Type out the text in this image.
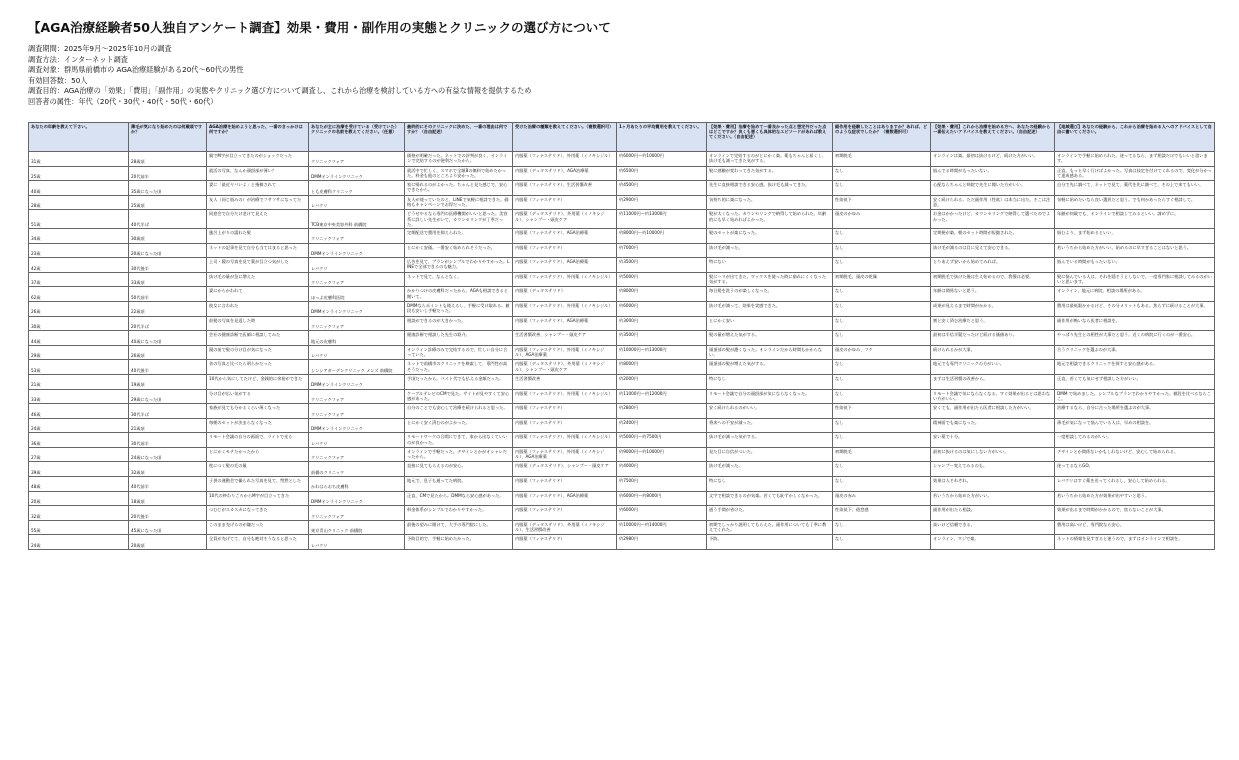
【AGA治療経験者50人独自アンケート調査】効果・費用・副作用の実態とクリニックの選び方について
調査期間：2025年9月～2025年10月の調査
調査方法：インターネット調査
調査対象：群馬県前橋市の AGA治療経験がある20代〜60代の男性
有効回答数：50人
調査目的：AGA治療の「効果」「費用」「副作用」の実態やクリニック選び方について調査し、これから治療を検討している方への有益な情報を提供するため
回答者の属性：年代（20代・30代・40代・50代・60代）
あなたの年齢を教えて下さい。	薄毛が気になり始めたのは何歳頃ですか？	AGA治療を始めようと思った、一番のきっかけは何ですか？	あなたが主に治療を受けている（受けていた）クリニックの名前を教えてください。（任意）	最終的にそのクリニックに決めた、一番の理由は何ですか？（自由記述）	受けた治療の種類を教えてください。（複数選択可）	1ヶ月あたりの平均費用を教えてください。	【効果・費用】治療を始めて一番良かった点と想定外だった点はどこですか？良くも悪くも具体的なエピソードがあれば教えてください。（自由記述）	副作用を経験したことはありますか？あれば、どのような症状でしたか？（複数選択可）	【効果・費用】これから治療を始める方へ、あなたの経験から一番伝えたいアドバイスを教えてください。（自由記述）	【地域選び】あなたの経験から、これから治療を始める人へのアドバイスとして自由に書いてください。
31歳	28歳頃	親でM字が目立ってきたのがショックだった	クリニックフォア	価格が明確だった。ネットでの評判が良く、オンラインで完結するのが便利だったから。	内服薬（フィナステリド）、外用薬（ミノキシジル）	約6000円〜約10000円	オンラインで完結するのがとにかく楽。薬もちゃんと届くし、抜け毛も減ってきた気がする。	初期脱毛	オンラインは楽。最初は抜けるけど、続けた方がいい。	オンラインで手軽に始められた。迷ってるなら、まず相談だけでもいいと思います。
25歳	20代前半	就活の写真、なんか頭頂部が薄い？	DMMオンラインクリニック	就活中で忙しく、スマホで全額Bの無料で始めたかった。料金も他のところより安かった。	内服薬（デュタステリド）、AGA治療薬	約6500円	髪に感触が変わってきた気がする。	なし	悩んでる時間がもったいない。	正直、もっと早く行けばよかった。写真は技定を付けてくれるので、変化が分かって達成感ある。
40歳	35歳になった頃	妻に「最近ヤバいよ」と指摘されて	とも皮膚科クリニック	家に帰れるのがよかった。ちゃんと見た感じで、安心できたから。	内服薬（フィナステリド）、生活習慣改善	約4500円	先生に直接相談できる安心感。抜け毛も減ってきた。	なし	心配ならちゃんと病院で先生に聞いた方がいい。	自分で先に調べて、ネットで見て、薬代を先に調べて、その上で来てもいい。
28歳	25歳頃	友人（同じ悩みの）が治療でフサフサになってた	レバクリ	友人が使っていたのと、LINEで気軽に相談できた。価格もキャンペーンでお得だった。	内服薬（フィナステリド）	約2900円	気持ち的に楽になった。	性欲低下	安く続けられる。ただ副作用（性欲）は本当に出た。そこは注意。	気軽に始めたいなら良い選択だと思う。でも何かあったらすぐ相談して。
51歳	40代半ば	同窓会で自分だけ老けて見えた	TCB東京中央美容外科 前橋院	どうせやるなら専門の医療機関がいいと思った。美容系に詳しい先生がいて、カウンセリングが丁寧だった。	内服薬（デュタステリド）、外用薬（ミノキシジル）、シャンプー・頭皮ケア	約11000円〜約13000円	髪が太くなった。カウンセリングで納得して始められた。年齢的にも早く始めればよかった。	頭皮のかゆみ	お金はかかったけど、カウンセリングで納得して選べたのでよかった。	年齢が何歳でも、オンラインで相談してみるといい。諦めずに。
34歳	30歳頃	風呂上がりの濡れた髪	クリニックフォア	定期配送で費用を抑えられた。	内服薬（フィナステリド）、AGA治療薬	約8000円〜約10000円	髪のセットが楽になった。	なし	定期便が楽。朝のセット時間が短縮された。	悩むより、まず始めるといい。
23歳	20歳になった頃	ネットの記事を見て自分も当てはまると思った	DMMオンラインクリニック	とにかく安価。一番安く始められそうだった。	内服薬（フィナステリド）	約7000円	抜け毛が減った。	なし	抜け毛が減るのは目に見えて安心できる。	若いうちから始めた方がいい。始めるのに早すぎることはないと思う。
42歳	30代後半	上司・鏡の写真を見て薬が目立つ気がした	レバクリ	広告を見て、プランがシンプルでわかりやすかった。LINEで全部できるのも魅力。	内服薬（フィナステリド）、AGA治療薬	約3500円	特にない	なし	とりあえず安いから始めてみれば。	悩んでいる時間がもったいない。
37歳	33歳頃	抜け毛の量が急に増えた	クリニックフォア	ネットで見て、なんとなく。	内服薬（フィナステリド）、外用薬（ミノキシジル）	約5000円	髪にハリが出てきた。ワックスを使った時に崩れにくくなった気がする。	初期脱毛、頭皮の乾燥	初期脱毛で抜けた後は生え始めるので、我慢は必要。	髪に悩んでいる人は、それを隠そうとしないで、一度専門家に相談してみるのがいいと思います。
62歳	50代前半	妻にからかわれて	ほっぷ皮膚科医院	かかりつけの皮膚科だったから。AGAも相談できると聞いて。	内服薬（デュタステリド）	約8000円	毎日髪を洗うのが楽しくなった。	なし	年齢は関係ないと思う。	オンライン、地元に病院、相談の場所がある。
26歳	22歳頃	彼女に言われた	DMMオンラインクリニック	DMMならポイントも使えるし、手軽に受け取れる。値段も安いし手軽だった。	内服薬（フィナステリド）、外用薬（ミノキシジル）	約6000円	抜け毛が減って、効果を実感できた。	なし	成果が見えるまで時間がかかる。	費用は最低限かかるけど、その分メリットもある。焦らずに続けることが大事。
30歳	20代半ば	前髪の写真を見返した時	クリニックフォア	相談ができるのが大きかった。	内服薬（フィナステリド）、AGA治療薬	約3000円	とにかく安い	なし	割と安く済む治療だと思う。	副作用が怖いなら医者に相談を。
44歳	40歳になった頃	会社の健康診断で医師に相談してみた	地元の皮膚科	健康診断で相談した先生の紹介。	生活習慣改善、シャンプー・頭皮ケア	約3500円	髪の量が増えた気がする。	なし	最初は半信半疑だったけど続ける価値あり。	やっぱり先生との相性が大事だと思う。近くの病院に行くのが一番安心。
29歳	26歳頃	鏡の前で髪の分け目が気になった	レバクリ	オンライン診療のみで完結するので、忙しい自分に合っていた。	内服薬（フィナステリド）、外用薬（ミノキシジル）、AGA治療薬	約10000円〜約13000円	頭頂部の髪が濃くなった。オンラインだから時間もかからない。	頭皮のかゆみ、フケ	続けられるかが大事。	合うクリニックを選ぶのが大事。
53歳	40代後半	昔の写真と比べたら明らかだった	シンシアガーデンクリニック メンズ 前橋院	ネットで前橋市のクリニックを検索して、専門性が高そうだった。	内服薬（デュタステリド）、外用薬（ミノキシジル）、シャンプー・頭皮ケア	約8000円	頭頂部の髪が増えた気がする。	なし	地元でも専門クリニックの方がいい。	地元で相談できるクリニックを探すと安心感がある。
21歳	19歳頃	10代から気にしてたけど、金銭的に余裕ができた	DMMオンラインクリニック	手頃だったから。バイト代でも払える金額だった。	生活習慣改善	約2000円	特になし	なし	まずは生活習慣の改善から。	正直、若くても気にせず相談した方がいい。
33歳	29歳になった頃	分け目が広い気がする	クリニックフォア	ケーブルテレビのCMで見た。サイトが見やすくて安心感があった。	内服薬（フィナステリド）、外用薬（ミノキシジル）	約11000円〜約12000円	リモート会議で自分の頭頂部が気にならなくなった。	なし	リモート会議で気にならなくなる。すぐ効果が出るとは思わない方がいい。	DMM で始めました。シンプルなプランでわかりやすかった。値段を比べるならここ。
46歳	30代半ば	家族が見ても分かるくらい薄くなった	クリニックフォア	自分のことでも安心して治療を続けられると思った。	内服薬（フィナステリド）	約2800円	安く続けられるのがいい。	性欲低下	安くても、副作用が出たら医者に相談した方がいい。	治療するなら、自分に合った場所を選ぶのが大事。
24歳	21歳頃	毎朝のセットが決まらなくなった	DMMオンラインクリニック	とにかく安く済むのがよかった。	内服薬（フィナステリド）	約2400円	将来への不安が減った。	なし	精神面でも楽になった。	薄毛が気になって悩んでいる人は、早めの相談を。
36歳	30代前半	リモート会議の自分の画面で、ライトで光る	レバクリ	リモートワークの合間にできて、家から出なくていいのが良かった。	内服薬（フィナステリド）、外用薬（ミノキシジル）	約5000円〜約7500円	抜け毛が減った気がする。	なし	安い薬で十分。	一度相談してみるのがいい。
27歳	24歳になった頃	とにかくモテたかったから	クリニックフォア	オンラインで手軽だった。デザインとかがオシャレだったから。	内服薬（フィナステリド）、外用薬（ミノキシジル）、AGA治療薬	約9000円〜約10000円	見た目に自信がついた。	初期脱毛	最初に抜けるのは気にしない方がいい。	デザインとか関係ないかもしれないけど、安心して始められる。
39歳	32歳頃	枕につく髪の毛の量	前橋のクリニック	直接に見てもらえるのが安心。	内服薬（デュタステリド）、シャンプー・頭皮ケア	約4000円	抜け毛が減った。	なし	シャンプー変えてみるのも。	迷ってるならGO。
48歳	40代前半	子供の運動会で撮られた写真を見て、愕然とした	かわはらおち皮膚科	地元で、息子も通ってた病院。	内服薬（フィナステリド）	約7500円	特になし	なし	効果は人それぞれ。	レバクリはすぐ薬を送ってくれるし、安心して始められる。
20歳	18歳頃	10代の終わりごろからM字が目立ってきた	DMMオンラインクリニック	正直、CMで見たから。DMMなら安心感があった。	内服薬（フィナステリド）、AGA治療薬	約6000円〜約8000円	文字で相談できるのが気楽。若くても恥ずかしくなかった。	頭皮の赤み	若いうちから始めた方がいい。	若いうちから始めた方が効果が出やすいと思う。
32歳	20代後半	つむじがスカスカになってきた	クリニックフォア	料金体系がシンプルでわかりやすかった。	内服薬（フィナステリド）	約6000円	通う手間が省けた。	性欲低下、倦怠感	副作用が出たら相談。	効果が出るまで時間がかかるので、焦らないことが大事。
55歳	45歳になった頃	このまま禿げるのが嫌だった	東京青山クリニック 前橋院	最後の望みに賭けて、大手の専門院にした。	内服薬（デュタステリド）、外用薬（ミノキシジル）、生活習慣改善	約10000円〜約14000円	初期でしっかり説明してもらえた。副作用についても丁寧に教えてくれた。	なし	高いけど信頼できる。	費用は高いけど、専門院なら安心。
24歳	20歳頃	全員が禿げてて、自分も絶対そうなると思った	レバクリ	予防目的で、手軽に始めたかった。	内服薬（フィナステリド）	約2980円	予防。	なし	オンライン、マジで楽。	ネットの情報を見すぎると迷うので、まずはオンラインで相談を。
